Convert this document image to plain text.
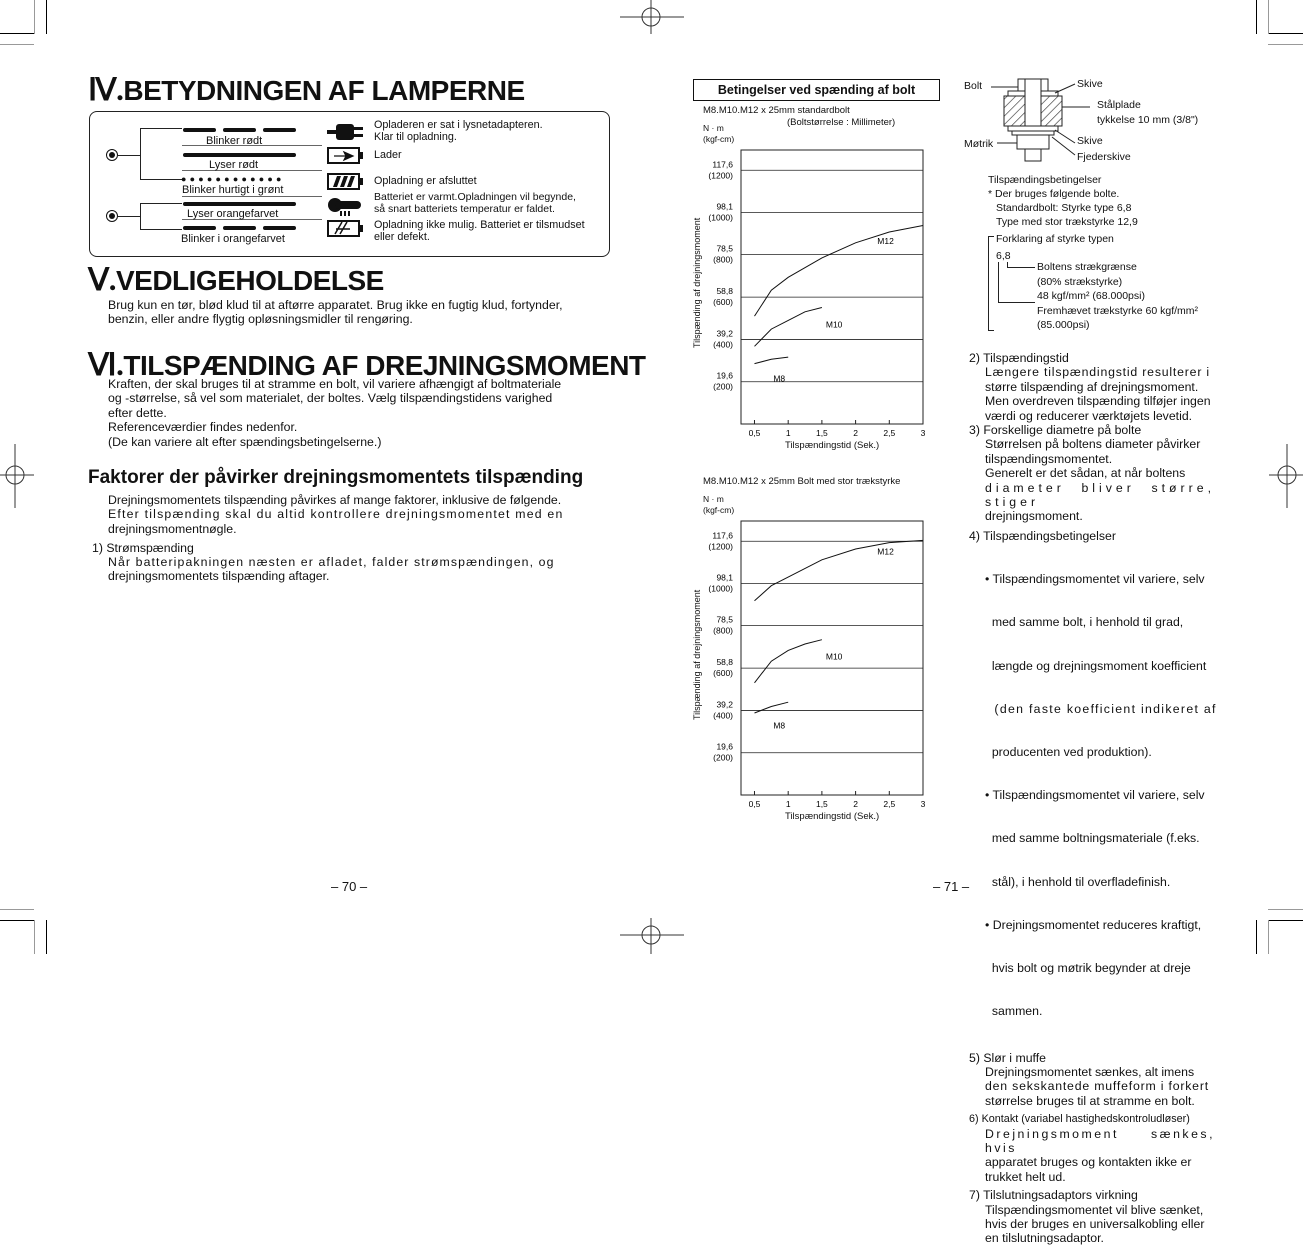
Ⅳ.BETYDNINGEN AF LAMPERNE
Blinker rødt
Lyser rødt
●●●●●●●●●●●●
Blinker hurtigt i grønt
Lyser orangefarvet
Blinker i orangefarvet
Opladeren er sat i lysnetadapteren.
Klar til opladning.
Lader
Opladning er afsluttet
Batteriet er varmt.Opladningen vil begynde,
så snart batteriets temperatur er faldet.
Opladning ikke mulig. Batteriet er tilsmudset
eller defekt.
Ⅴ.VEDLIGEHOLDELSE
Brug kun en tør, blød klud til at aftørre apparatet. Brug ikke en fugtig klud, fortynder,
benzin, eller andre flygtig opløsningsmidler til rengøring.
Ⅵ.TILSPÆNDING AF DREJNINGSMOMENT
Kraften, der skal bruges til at stramme en bolt, vil variere afhængigt af boltmateriale
og -størrelse, så vel som materialet, der boltes. Vælg tilspændingstidens varighed
efter dette.
Referenceværdier findes nedenfor.
(De kan variere alt efter spændingsbetingelserne.)
Faktorer der påvirker drejningsmomentets tilspænding
Drejningsmomentets tilspænding påvirkes af mange faktorer, inklusive de følgende.
Efter tilspænding skal du altid kontrollere drejningsmomentet med en
drejningsmomentnøgle.
1) Strømspænding
Når batteripakningen næsten er afladet, falder strømspændingen, og
drejningsmomentets tilspænding aftager.
– 70 –
Betingelser ved spænding af bolt
M8.M10.M12 x 25mm standardbolt
(Boltstørrelse : Millimeter)
N · m
(kgf-cm)
Tilspænding af drejningsmoment
117,6
(1200)
98,1
(1000)
78,5
(800)
58,8
(600)
39,2
(400)
19,6
(200)
0,5	1	1,5	2	2,5	3
M12
M10
M8
Tilspændingstid (Sek.)
M8.M10.M12 x 25mm Bolt med stor trækstyrke
N · m
(kgf-cm)
Tilspænding af drejningsmoment
117,6
(1200)
98,1
(1000)
78,5
(800)
58,8
(600)
39,2
(400)
19,6
(200)
0,5	1	1,5	2	2,5	3
M12
M10
M8
Tilspændingstid (Sek.)
Bolt	Skive
Stålplade
tykkelse 10 mm (3/8")
Møtrik	Skive
Fjederskive
Tilspændingsbetingelser
* Der bruges følgende bolte.
Standardbolt: Styrke type 6,8
Type med stor trækstyrke 12,9
Forklaring af styrke typen
6,8
Boltens strækgrænse
(80% strækstyrke)
48 kgf/mm² (68.000psi)
Fremhævet trækstyrke 60 kgf/mm²
(85.000psi)
2) Tilspændingstid
Længere tilspændingstid resulterer i
større tilspænding af drejningsmoment.
Men overdreven tilspænding tilføjer ingen
værdi og reducerer værktøjets levetid.
3) Forskellige diametre på bolte
Størrelsen på boltens diameter påvirker
tilspændingsmomentet.
Generelt er det sådan, at når boltens
diameter bliver større, stiger
drejningsmoment.
4) Tilspændingsbetingelser

• Tilspændingsmomentet vil variere, selv

med samme bolt, i henhold til grad,

længde og drejningsmoment koefficient

(den faste koefficient indikeret af

producenten ved produktion).

• Tilspændingsmomentet vil variere, selv

med samme boltningsmateriale (f.eks.

stål), i henhold til overfladefinish.

• Drejningsmomentet reduceres kraftigt,

hvis bolt og møtrik begynder at dreje

sammen.

5) Slør i muffe
Drejningsmomentet sænkes, alt imens
den sekskantede muffeform i forkert
størrelse bruges til at stramme en bolt.
6) Kontakt (variabel hastighedskontroludløser)
Drejningsmoment sænkes, hvis
apparatet bruges og kontakten ikke er
trukket helt ud.
7) Tilslutningsadaptors virkning
Tilspændingsmomentet vil blive sænket,
hvis der bruges en universalkobling eller
en tilslutningsadaptor.
– 71 –
